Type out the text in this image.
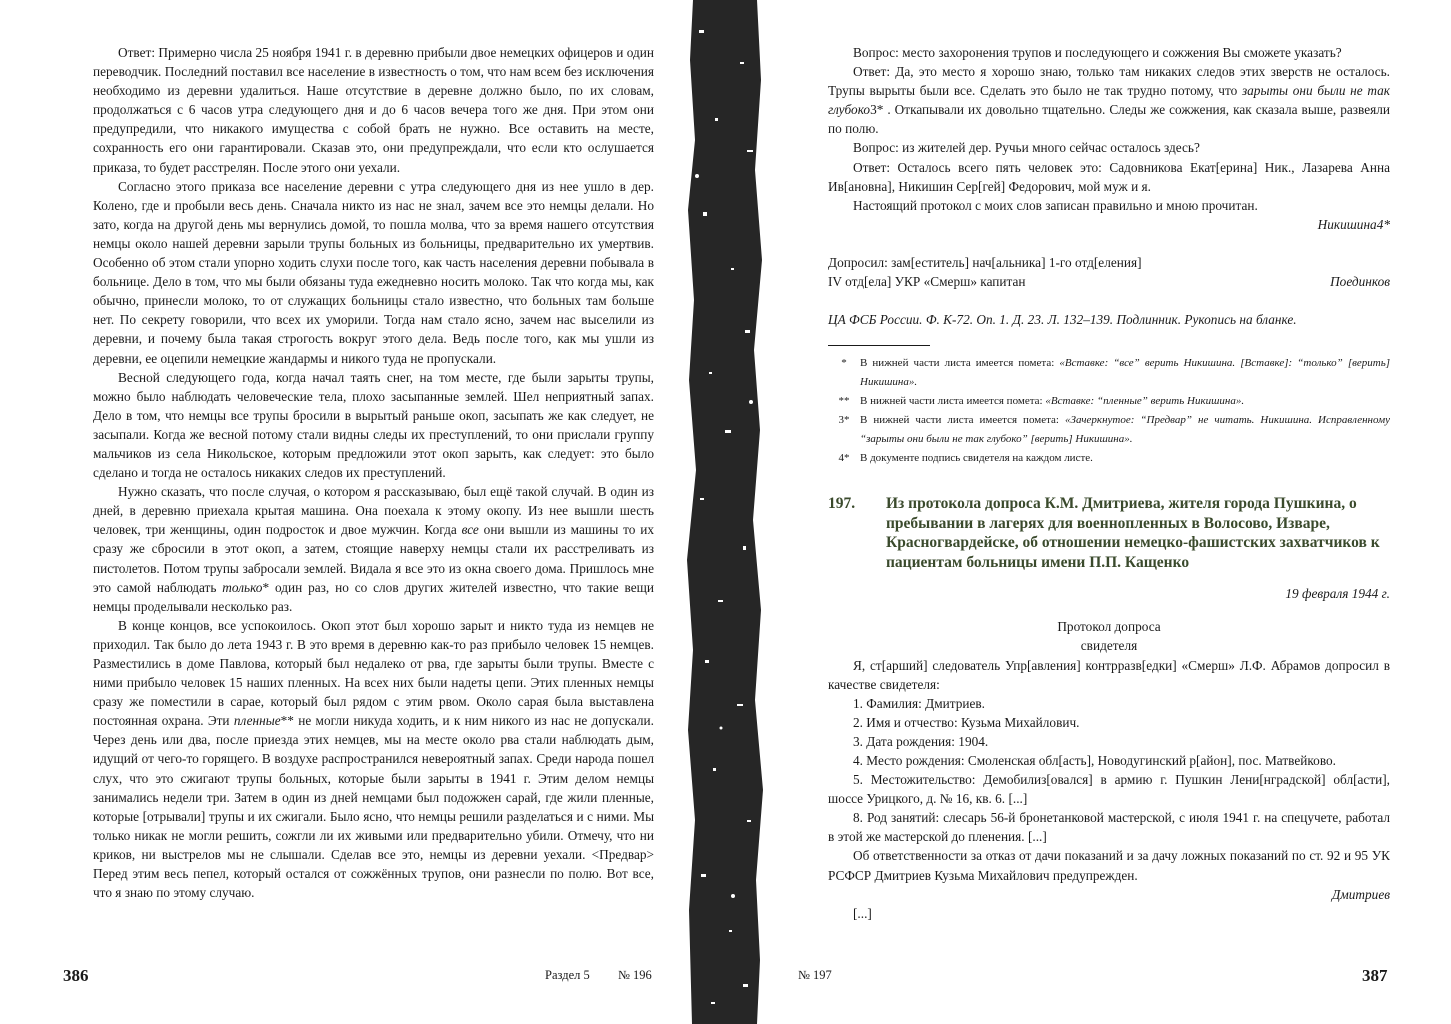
Ответ: Примерно числа 25 ноября 1941 г. в деревню прибыли двое немецких офицеров и один переводчик. Последний поставил все население в известность о том, что нам всем без исключения необходимо из деревни удалиться. Наше отсутствие в деревне должно было, по их словам, продолжаться с 6 часов утра следующего дня и до 6 часов вечера того же дня. При этом они предупредили, что никакого имущества с собой брать не нужно. Все оставить на месте, сохранность его они гарантировали. Сказав это, они предупреждали, что если кто ослушается приказа, то будет расстрелян. После этого они уехали.

Согласно этого приказа все население деревни с утра следующего дня из нее ушло в дер. Колено, где и пробыли весь день. Сначала никто из нас не знал, зачем все это немцы делали. Но зато, когда на другой день мы вернулись домой, то пошла молва, что за время нашего отсутствия немцы около нашей деревни зарыли трупы больных из больницы, предварительно их умертвив. Особенно об этом стали упорно ходить слухи после того, как часть населения деревни побывала в больнице. Дело в том, что мы были обязаны туда ежедневно носить молоко. Так что когда мы, как обычно, принесли молоко, то от служащих больницы стало известно, что больных там больше нет. По секрету говорили, что всех их уморили. Тогда нам стало ясно, зачем нас выселили из деревни, и почему была такая строгость вокруг этого дела. Ведь после того, как мы ушли из деревни, ее оцепили немецкие жандармы и никого туда не пропускали.

Весной следующего года, когда начал таять снег, на том месте, где были зарыты трупы, можно было наблюдать человеческие тела, плохо засыпанные землей. Шел неприятный запах. Дело в том, что немцы все трупы бросили в вырытый раньше окоп, засыпать же как следует, не засыпали. Когда же весной потому стали видны следы их преступлений, то они прислали группу мальчиков из села Никольское, которым предложили этот окоп зарыть, как следует: это было сделано и тогда не осталось никаких следов их преступлений.

Нужно сказать, что после случая, о котором я рассказываю, был ещё такой случай. В один из дней, в деревню приехала крытая машина. Она поехала к этому окопу. Из нее вышли шесть человек, три женщины, один подросток и двое мужчин. Когда все они вышли из машины то их сразу же сбросили в этот окоп, а затем, стоящие наверху немцы стали их расстреливать из пистолетов. Потом трупы забросали землей. Видала я все это из окна своего дома. Пришлось мне это самой наблюдать только* один раз, но со слов других жителей известно, что такие вещи немцы проделывали несколько раз.

В конце концов, все успокоилось. Окоп этот был хорошо зарыт и никто туда из немцев не приходил. Так было до лета 1943 г. В это время в деревню как-то раз прибыло человек 15 немцев. Разместились в доме Павлова, который был недалеко от рва, где зарыты были трупы. Вместе с ними прибыло человек 15 наших пленных. На всех них были надеты цепи. Этих пленных немцы сразу же поместили в сарае, который был рядом с этим рвом. Около сарая была выставлена постоянная охрана. Эти пленные** не могли никуда ходить, и к ним никого из нас не допускали. Через день или два, после приезда этих немцев, мы на месте около рва стали наблюдать дым, идущий от чего-то горящего. В воздухе распространился невероятный запах. Среди народа пошел слух, что это сжигают трупы больных, которые были зарыты в 1941 г. Этим делом немцы занимались недели три. Затем в один из дней немцами был подожжен сарай, где жили пленные, которые [отрывали] трупы и их сжигали. Было ясно, что немцы решили разделаться и с ними. Мы только никак не могли решить, сожгли ли их живыми или предварительно убили. Отмечу, что ни криков, ни выстрелов мы не слышали. Сделав все это, немцы из деревни уехали. <Предвар> Перед этим весь пепел, который остался от сожжённых трупов, они разнесли по полю. Вот все, что я знаю по этому случаю.

386	Раздел 5 № 196

Вопрос: место захоронения трупов и последующего и сожжения Вы сможете указать?

Ответ: Да, это место я хорошо знаю, только там никаких следов этих зверств не осталось. Трупы вырыты были все. Сделать это было не так трудно потому, что зарыты они были не так глубоко3* . Откапывали их довольно тщательно. Следы же сожжения, как сказала выше, развеяли по полю.

Вопрос: из жителей дер. Ручьи много сейчас осталось здесь?

Ответ: Осталось всего пять человек это: Садовникова Екат[ерина] Ник., Лазарева Анна Ив[ановна], Никишин Сер[гей] Федорович, мой муж и я.

Настоящий протокол с моих слов записан правильно и мною прочитан.

Никишина4*

Допросил: зам[еститель] нач[альника] 1-го отд[еления]

IV отд[ела] УКР «Смерш» капитан	Поединков

ЦА ФСБ России. Ф. К-72. Оп. 1. Д. 23. Л. 132–139. Подлинник. Рукопись на бланке.

*	В нижней части листа имеется помета: «Вставке: “все” верить Никишина. [Вставке]: “только” [верить] Никишина».
** В нижней части листа имеется помета: «Вставке: “пленные” верить Никишина».
3* В нижней части листа имеется помета: «Зачеркнутое: “Предвар” не читать. Никишина. Исправленному “зарыты они были не так глубоко” [верить] Никишина».
4* В документе подпись свидетеля на каждом листе.
197.	Из протокола допроса К.М. Дмитриева, жителя города Пушкина, о пребывании в лагерях для военнопленных в Волосово, Изваре, Красногвардейске, об отношении немецко-фашистских захватчиков к пациентам больницы имени П.П. Кащенко

19 февраля 1944 г.

Протокол допроса

свидетеля

Я, ст[арший] следователь Упр[авления] контрразв[едки] «Смерш» Л.Ф. Абрамов допросил в качестве свидетеля:

1. Фамилия: Дмитриев.

2. Имя и отчество: Кузьма Михайлович.

3. Дата рождения: 1904.

4. Место рождения: Смоленская обл[асть], Новодугинский р[айон], пос. Матвейково.

5. Местожительство: Демобилиз[овался] в армию г. Пушкин Лени[нградской] обл[асти], шоссе Урицкого, д. № 16, кв. 6. [...]

8. Род занятий: слесарь 56-й бронетанковой мастерской, с июля 1941 г. на спецучете, работал в этой же мастерской до пленения. [...]

Об ответственности за отказ от дачи показаний и за дачу ложных показаний по ст. 92 и 95 УК РСФСР Дмитриев Кузьма Михайлович предупрежден.

Дмитриев

[...]

№ 197	387
